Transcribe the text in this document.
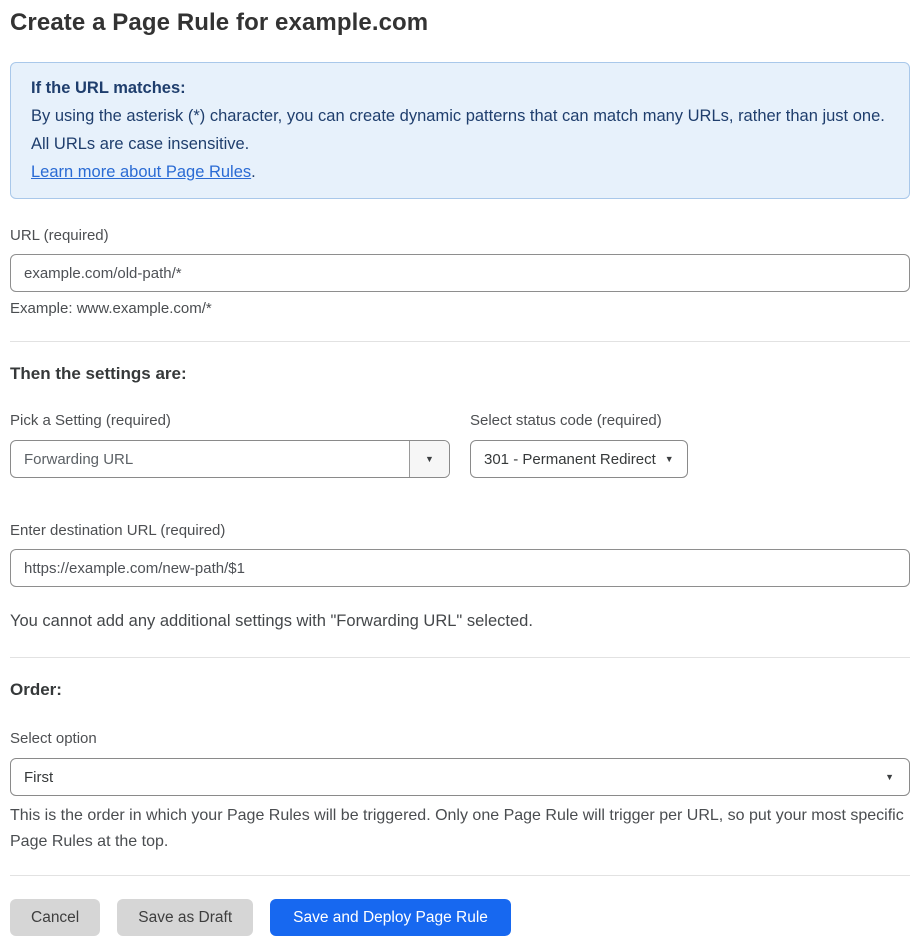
Create a Page Rule for example.com
If the URL matches:
By using the asterisk (*) character, you can create dynamic patterns that can match many URLs, rather than just one. All URLs are case insensitive.
Learn more about Page Rules.
URL (required)
example.com/old-path/*
Example: www.example.com/*
Then the settings are:
Pick a Setting (required)
Forwarding URL	▼
Select status code (required)
301 - Permanent Redirect ▼
Enter destination URL (required)
https://example.com/new-path/$1
You cannot add any additional settings with "Forwarding URL" selected.
Order:
Select option
First	▼
This is the order in which your Page Rules will be triggered. Only one Page Rule will trigger per URL, so put your most specific Page Rules at the top.
Cancel	Save as Draft	Save and Deploy Page Rule
